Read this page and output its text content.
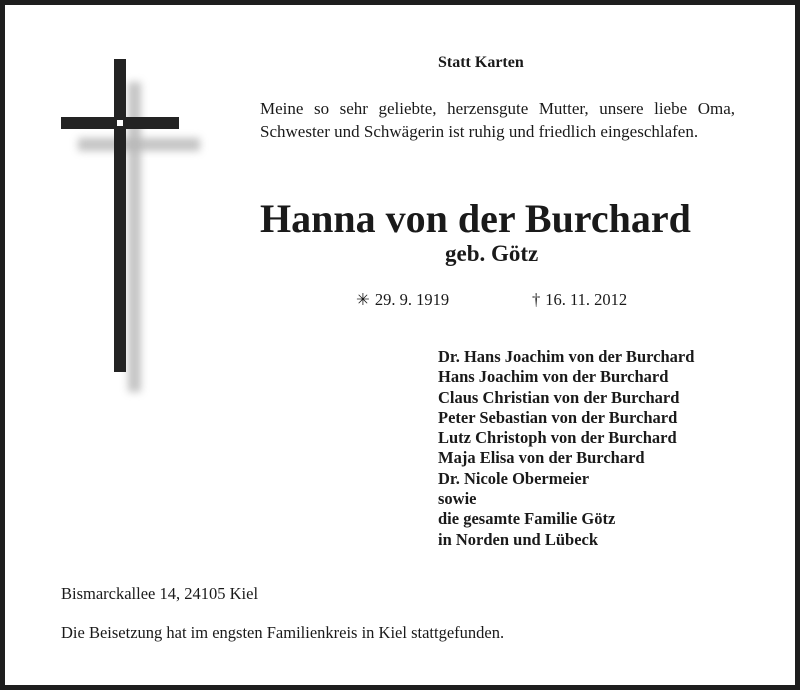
Statt Karten
Meine so sehr geliebte, herzensgute Mutter, unsere liebe Oma, Schwester und Schwägerin ist ruhig und friedlich eingeschlafen.
Hanna von der Burchard
geb. Götz
✳ 29. 9. 1919	† 16. 11. 2012
Dr. Hans Joachim von der Burchard
Hans Joachim von der Burchard
Claus Christian von der Burchard
Peter Sebastian von der Burchard
Lutz Christoph von der Burchard
Maja Elisa von der Burchard
Dr. Nicole Obermeier
sowie
die gesamte Familie Götz
in Norden und Lübeck
Bismarckallee 14, 24105 Kiel
Die Beisetzung hat im engsten Familienkreis in Kiel stattgefunden.
